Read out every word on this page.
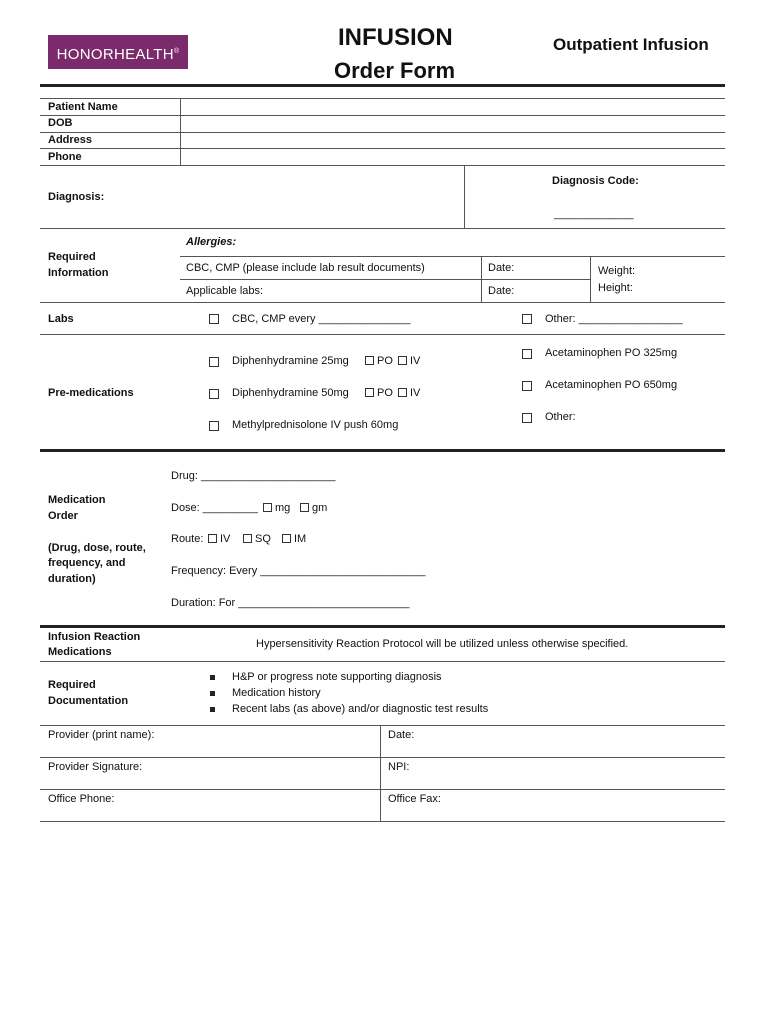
HONORHEALTH®
INFUSION
Order Form
Outpatient Infusion
Patient Name
DOB
Address
Phone
Diagnosis:
Diagnosis Code:
_____________
Required
Information
Allergies:
CBC, CMP (please include lab result documents)	Date:	Weight:
Applicable labs:	Date:	Height:
Labs	CBC, CMP every _______________	Other: _________________
Pre-medications
Diphenhydramine 25mg	PO	IV
Diphenhydramine 50mg	PO	IV
Methylprednisolone IV push 60mg
Acetaminophen PO 325mg
Acetaminophen PO 650mg
Other:
Medication
Order
(Drug, dose, route,
frequency, and
duration)
Drug: ______________________
Dose: _________	mg	gm
Route:	IV	SQ	IM
Frequency: Every ___________________________
Duration: For ____________________________
Infusion Reaction
Medications
Hypersensitivity Reaction Protocol will be utilized unless otherwise specified.
Required
Documentation
H&P or progress note supporting diagnosis
Medication history
Recent labs (as above) and/or diagnostic test results
Provider (print name):	Date:
Provider Signature:	NPI:
Office Phone:	Office Fax:
